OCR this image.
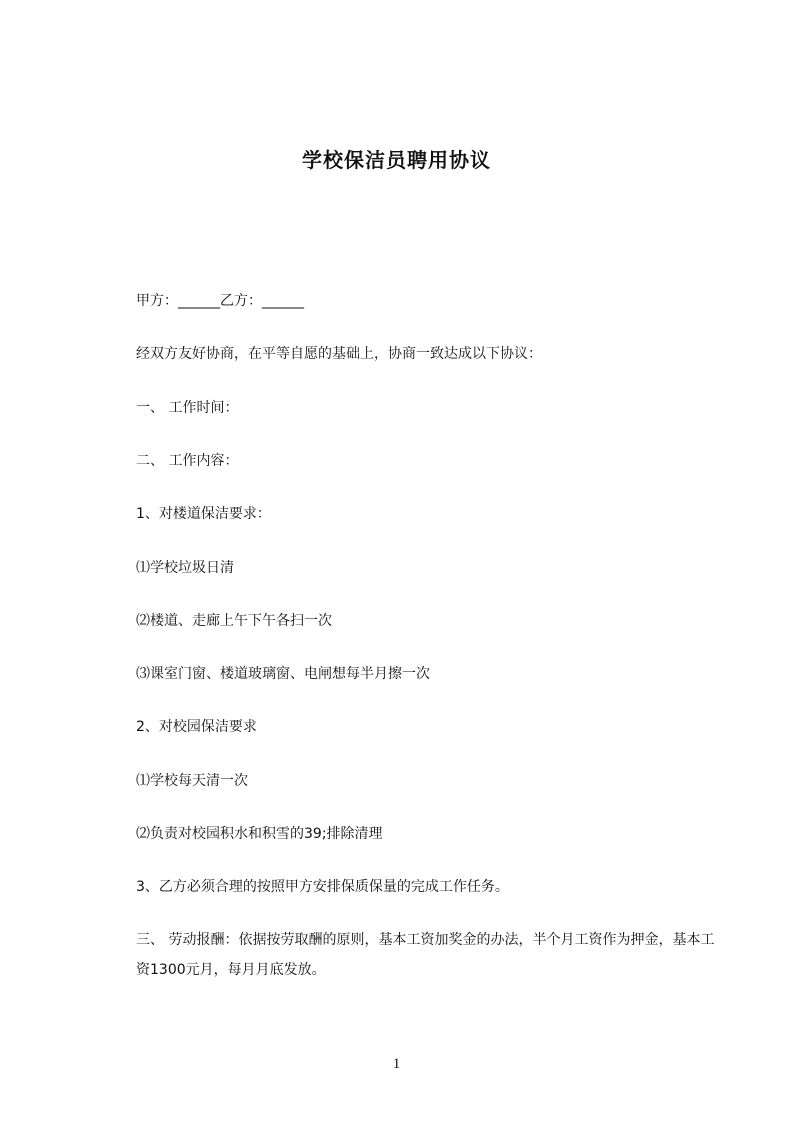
学校保洁员聘用协议
甲方：______乙方：______
经双方友好协商，在平等自愿的基础上，协商一致达成以下协议：
一、 工作时间：
二、 工作内容：
1、对楼道保洁要求：
⑴学校垃圾日清
⑵楼道、走廊上午下午各扫一次
⑶课室门窗、楼道玻璃窗、电闸想每半月擦一次
2、对校园保洁要求
⑴学校每天清一次
⑵负责对校园积水和积雪的39;排除清理
3、乙方必须合理的按照甲方安排保质保量的完成工作任务。
三、 劳动报酬：依据按劳取酬的原则，基本工资加奖金的办法，半个月工资作为押金，基本工资1300元月，每月月底发放。
1
